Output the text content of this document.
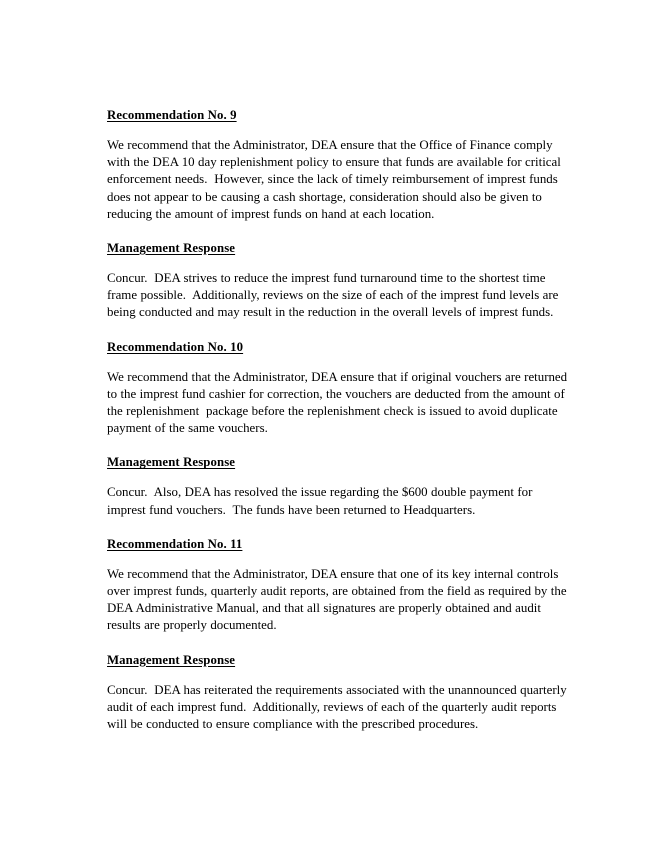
Recommendation No. 9

We recommend that the Administrator, DEA ensure that the Office of Finance comply with the DEA 10 day replenishment policy to ensure that funds are available for critical enforcement needs.  However, since the lack of timely reimbursement of imprest funds does not appear to be causing a cash shortage, consideration should also be given to reducing the amount of imprest funds on hand at each location.

Management Response

Concur.  DEA strives to reduce the imprest fund turnaround time to the shortest time frame possible.  Additionally, reviews on the size of each of the imprest fund levels are being conducted and may result in the reduction in the overall levels of imprest funds.

Recommendation No. 10

We recommend that the Administrator, DEA ensure that if original vouchers are returned to the imprest fund cashier for correction, the vouchers are deducted from the amount of the replenishment  package before the replenishment check is issued to avoid duplicate payment of the same vouchers.

Management Response

Concur.  Also, DEA has resolved the issue regarding the $600 double payment for imprest fund vouchers.  The funds have been returned to Headquarters.

Recommendation No. 11

We recommend that the Administrator, DEA ensure that one of its key internal controls over imprest funds, quarterly audit reports, are obtained from the field as required by the DEA Administrative Manual, and that all signatures are properly obtained and audit results are properly documented.

Management Response

Concur.  DEA has reiterated the requirements associated with the unannounced quarterly audit of each imprest fund.  Additionally, reviews of each of the quarterly audit reports will be conducted to ensure compliance with the prescribed procedures.
